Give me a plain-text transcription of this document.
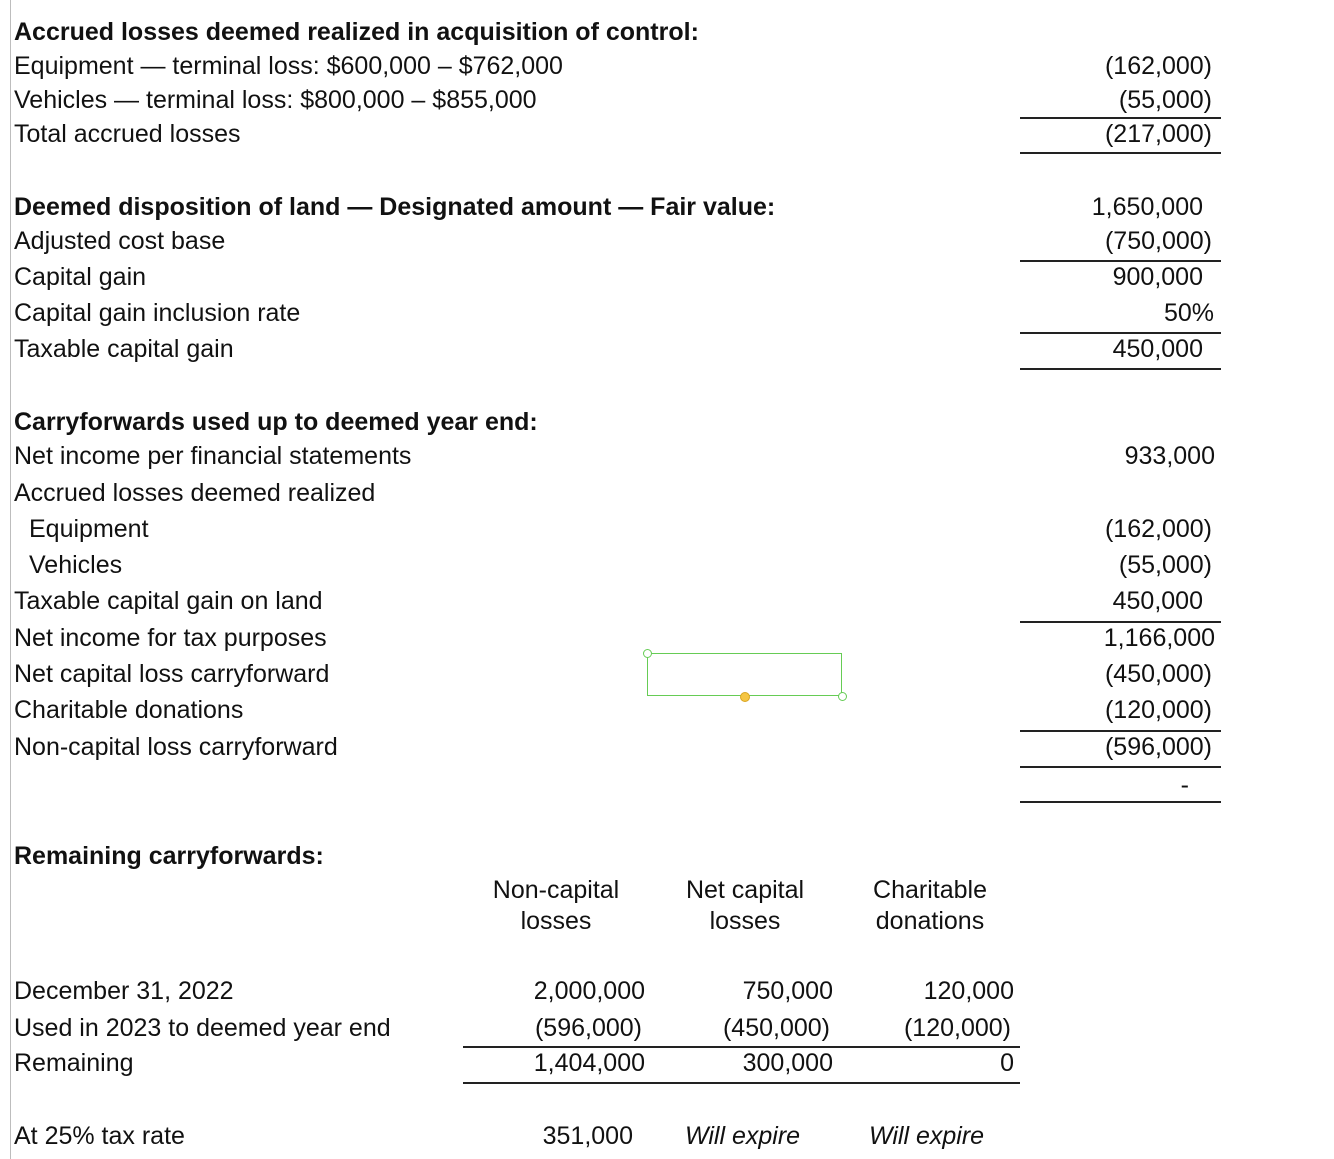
Accrued losses deemed realized in acquisition of control:
Equipment — terminal loss: $600,000 – $762,000	(162,000)
Vehicles — terminal loss: $800,000 – $855,000	(55,000)
Total accrued losses	(217,000)
Deemed disposition of land — Designated amount — Fair value:	1,650,000
Adjusted cost base	(750,000)
Capital gain	900,000
Capital gain inclusion rate	50%
Taxable capital gain	450,000
Carryforwards used up to deemed year end:
Net income per financial statements	933,000
Accrued losses deemed realized
Equipment	(162,000)
Vehicles	(55,000)
Taxable capital gain on land	450,000
Net income for tax purposes	1,166,000
Net capital loss carryforward	(450,000)
Charitable donations	(120,000)
Non-capital loss carryforward	(596,000)
-
Remaining carryforwards:
Non-capital
losses
Net capital
losses
Charitable
donations
December 31, 2022	2,000,000	750,000	120,000
Used in 2023 to deemed year end	(596,000)	(450,000)	(120,000)
Remaining	1,404,000	300,000	0
At 25% tax rate	351,000 Will expire	Will expire
